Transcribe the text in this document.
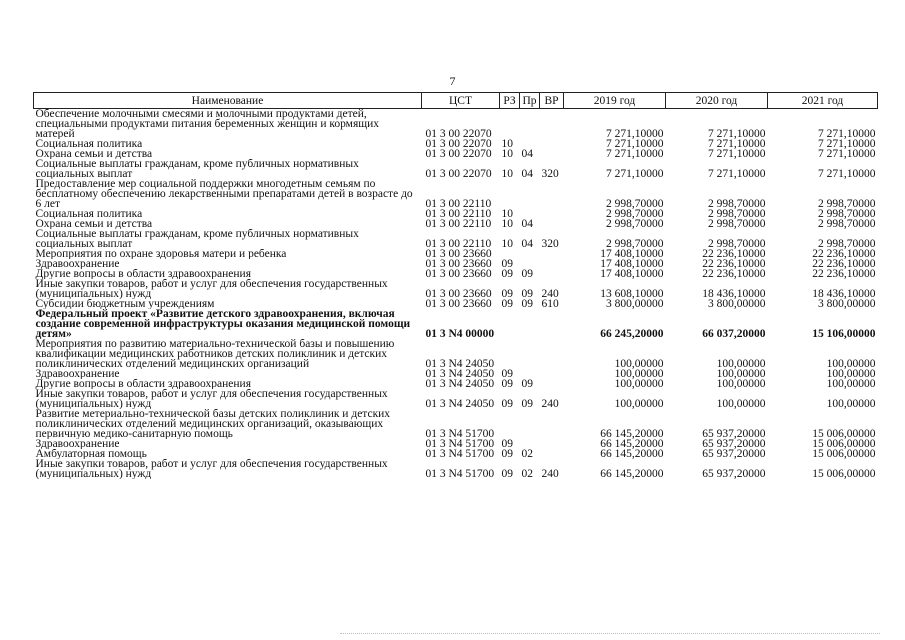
7
Наименование	ЦСТ	РЗ	Пр	ВР	2019 год	2020 год	2021 год
Обеспечение молочными смесями и молочными продуктами детей, специальными продуктами питания беременных женщин и кормящих матерей	01 3 00 22070				7 271,10000	7 271,10000	7 271,10000
Социальная политика	01 3 00 22070	10			7 271,10000	7 271,10000	7 271,10000
Охрана семьи и детства	01 3 00 22070	10	04		7 271,10000	7 271,10000	7 271,10000
Социальные выплаты гражданам, кроме публичных нормативных социальных выплат	01 3 00 22070	10	04	320	7 271,10000	7 271,10000	7 271,10000
Предоставление мер социальной поддержки многодетным семьям по бесплатному обеспечению лекарственными препаратами детей в возрасте до 6 лет	01 3 00 22110				2 998,70000	2 998,70000	2 998,70000
Социальная политика	01 3 00 22110	10			2 998,70000	2 998,70000	2 998,70000
Охрана семьи и детства	01 3 00 22110	10	04		2 998,70000	2 998,70000	2 998,70000
Социальные выплаты гражданам, кроме публичных нормативных социальных выплат	01 3 00 22110	10	04	320	2 998,70000	2 998,70000	2 998,70000
Мероприятия по охране здоровья матери и ребенка	01 3 00 23660				17 408,10000	22 236,10000	22 236,10000
Здравоохранение	01 3 00 23660	09			17 408,10000	22 236,10000	22 236,10000
Другие вопросы в области здравоохранения	01 3 00 23660	09	09		17 408,10000	22 236,10000	22 236,10000
Иные закупки товаров, работ и услуг для обеспечения государственных (муниципальных) нужд	01 3 00 23660	09	09	240	13 608,10000	18 436,10000	18 436,10000
Субсидии бюджетным учреждениям	01 3 00 23660	09	09	610	3 800,00000	3 800,00000	3 800,00000
Федеральный проект «Развитие детского здравоохранения, включая создание современной инфраструктуры оказания медицинской помощи детям»	01 3 N4 00000				66 245,20000	66 037,20000	15 106,00000
Мероприятия по развитию материально-технической базы и повышению квалификации медицинских работников детских поликлиник и детских поликлинических отделений медицинских организаций	01 3 N4 24050				100,00000	100,00000	100,00000
Здравоохранение	01 3 N4 24050	09			100,00000	100,00000	100,00000
Другие вопросы в области здравоохранения	01 3 N4 24050	09	09		100,00000	100,00000	100,00000
Иные закупки товаров, работ и услуг для обеспечения государственных (муниципальных) нужд	01 3 N4 24050	09	09	240	100,00000	100,00000	100,00000
Развитие метериально-технической базы детских поликлиник и детских поликлинических отделений медицинских организаций, оказывающих первичную медико-санитарную помощь	01 3 N4 51700				66 145,20000	65 937,20000	15 006,00000
Здравоохранение	01 3 N4 51700	09			66 145,20000	65 937,20000	15 006,00000
Амбулаторная помощь	01 3 N4 51700	09	02		66 145,20000	65 937,20000	15 006,00000
Иные закупки товаров, работ и услуг для обеспечения государственных (муниципальных) нужд	01 3 N4 51700	09	02	240	66 145,20000	65 937,20000	15 006,00000
